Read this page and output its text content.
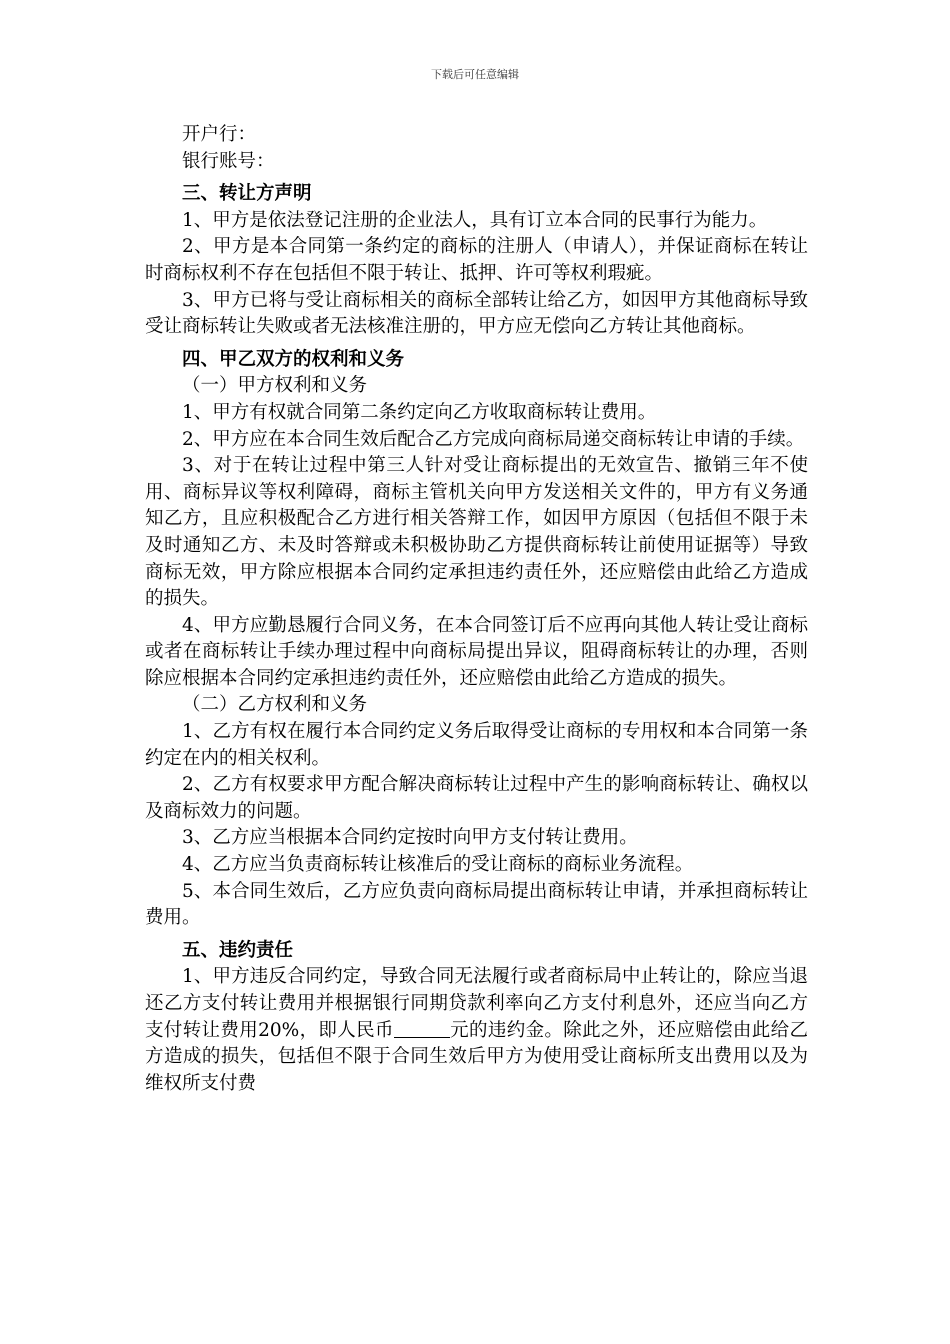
下载后可任意编辑

开户行：

银行账号：

三、转让方声明

1、甲方是依法登记注册的企业法人，具有订立本合同的民事行为能力。

2、甲方是本合同第一条约定的商标的注册人（申请人），并保证商标在转让时商标权利不存在包括但不限于转让、抵押、许可等权利瑕疵。

3、甲方已将与受让商标相关的商标全部转让给乙方，如因甲方其他商标导致受让商标转让失败或者无法核准注册的，甲方应无偿向乙方转让其他商标。

四、甲乙双方的权利和义务

（一）甲方权利和义务

1、甲方有权就合同第二条约定向乙方收取商标转让费用。

2、甲方应在本合同生效后配合乙方完成向商标局递交商标转让申请的手续。

3、对于在转让过程中第三人针对受让商标提出的无效宣告、撤销三年不使用、商标异议等权利障碍，商标主管机关向甲方发送相关文件的，甲方有义务通知乙方，且应积极配合乙方进行相关答辩工作，如因甲方原因（包括但不限于未及时通知乙方、未及时答辩或未积极协助乙方提供商标转让前使用证据等）导致商标无效，甲方除应根据本合同约定承担违约责任外，还应赔偿由此给乙方造成的损失。

4、甲方应勤恳履行合同义务，在本合同签订后不应再向其他人转让受让商标或者在商标转让手续办理过程中向商标局提出异议，阻碍商标转让的办理，否则除应根据本合同约定承担违约责任外，还应赔偿由此给乙方造成的损失。

（二）乙方权利和义务

1、乙方有权在履行本合同约定义务后取得受让商标的专用权和本合同第一条约定在内的相关权利。

2、乙方有权要求甲方配合解决商标转让过程中产生的影响商标转让、确权以及商标效力的问题。

3、乙方应当根据本合同约定按时向甲方支付转让费用。

4、乙方应当负责商标转让核准后的受让商标的商标业务流程。

5、本合同生效后，乙方应负责向商标局提出商标转让申请，并承担商标转让费用。

五、违约责任

1、甲方违反合同约定，导致合同无法履行或者商标局中止转让的，除应当退还乙方支付转让费用并根据银行同期贷款利率向乙方支付利息外，还应当向乙方支付转让费用20%，即人民币	元的违约金。除此之外，还应赔偿由此给乙方造成的损失，包括但不限于合同生效后甲方为使用受让商标所支出费用以及为维权所支付费
